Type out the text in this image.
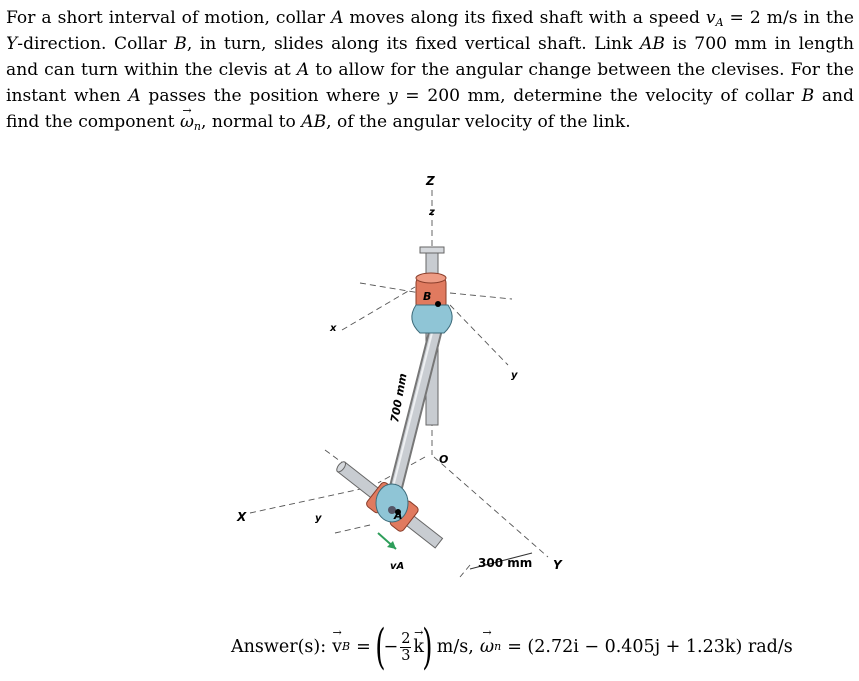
For a short interval of motion, collar A moves along its fixed shaft with a speed $v_A = 2$ m/s in the Y-direction. Collar B, in turn, slides along its fixed vertical shaft. Link AB is 700 mm in length and can turn within the clevis at A to allow for the angular change between the clevises. For the instant when A passes the position where y = 200 mm, determine the velocity of collar B and find the component → $\omega_n$, normal to AB, of the angular velocity of the link.
Z
z
B
x
y
700 mm
O
X	y	A
vA	300 mm Y
Answer(s):
→ v B = (
− $\frac{2}{3}$
→ k
) m/s,
→ ω n = (2.72i − 0.405j + 1.23k) rad/s
